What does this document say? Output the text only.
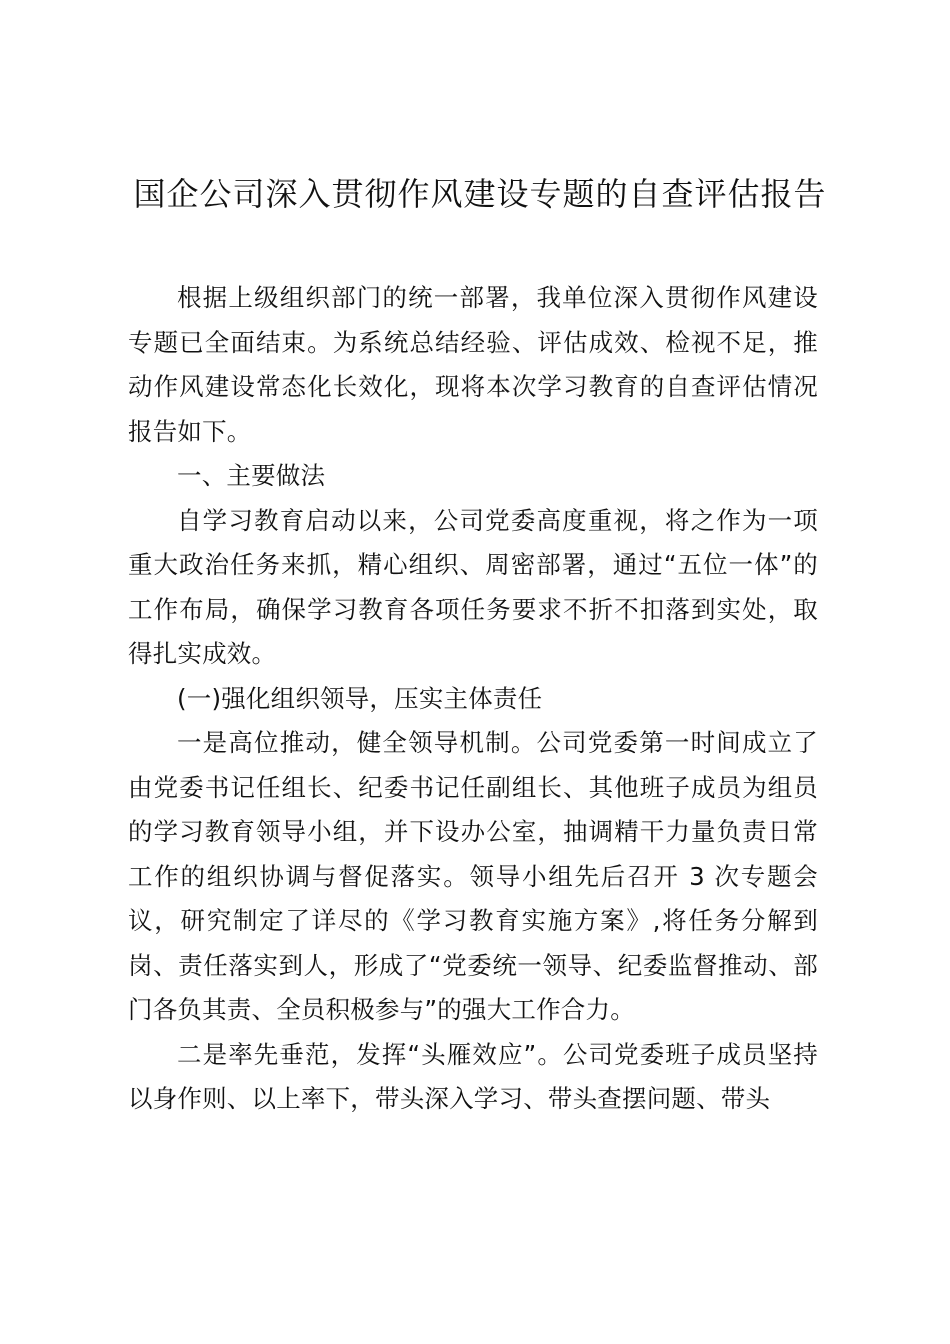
国企公司深入贯彻作风建设专题的自查评估报告

根据上级组织部门的统一部署，我单位深入贯彻作风建设专题已全面结束。为系统总结经验、评估成效、检视不足，推动作风建设常态化长效化，现将本次学习教育的自查评估情况报告如下。

一、主要做法

自学习教育启动以来，公司党委高度重视，将之作为一项重大政治任务来抓，精心组织、周密部署，通过“五位一体”的工作布局，确保学习教育各项任务要求不折不扣落到实处，取得扎实成效。

(一)强化组织领导，压实主体责任

一是高位推动，健全领导机制。公司党委第一时间成立了由党委书记任组长、纪委书记任副组长、其他班子成员为组员的学习教育领导小组，并下设办公室，抽调精干力量负责日常工作的组织协调与督促落实。领导小组先后召开 3 次专题会议，研究制定了详尽的《学习教育实施方案》,将任务分解到岗、责任落实到人，形成了“党委统一领导、纪委监督推动、部门各负其责、全员积极参与”的强大工作合力。

二是率先垂范，发挥“头雁效应”。公司党委班子成员坚持以身作则、以上率下，带头深入学习、带头查摆问题、带头
